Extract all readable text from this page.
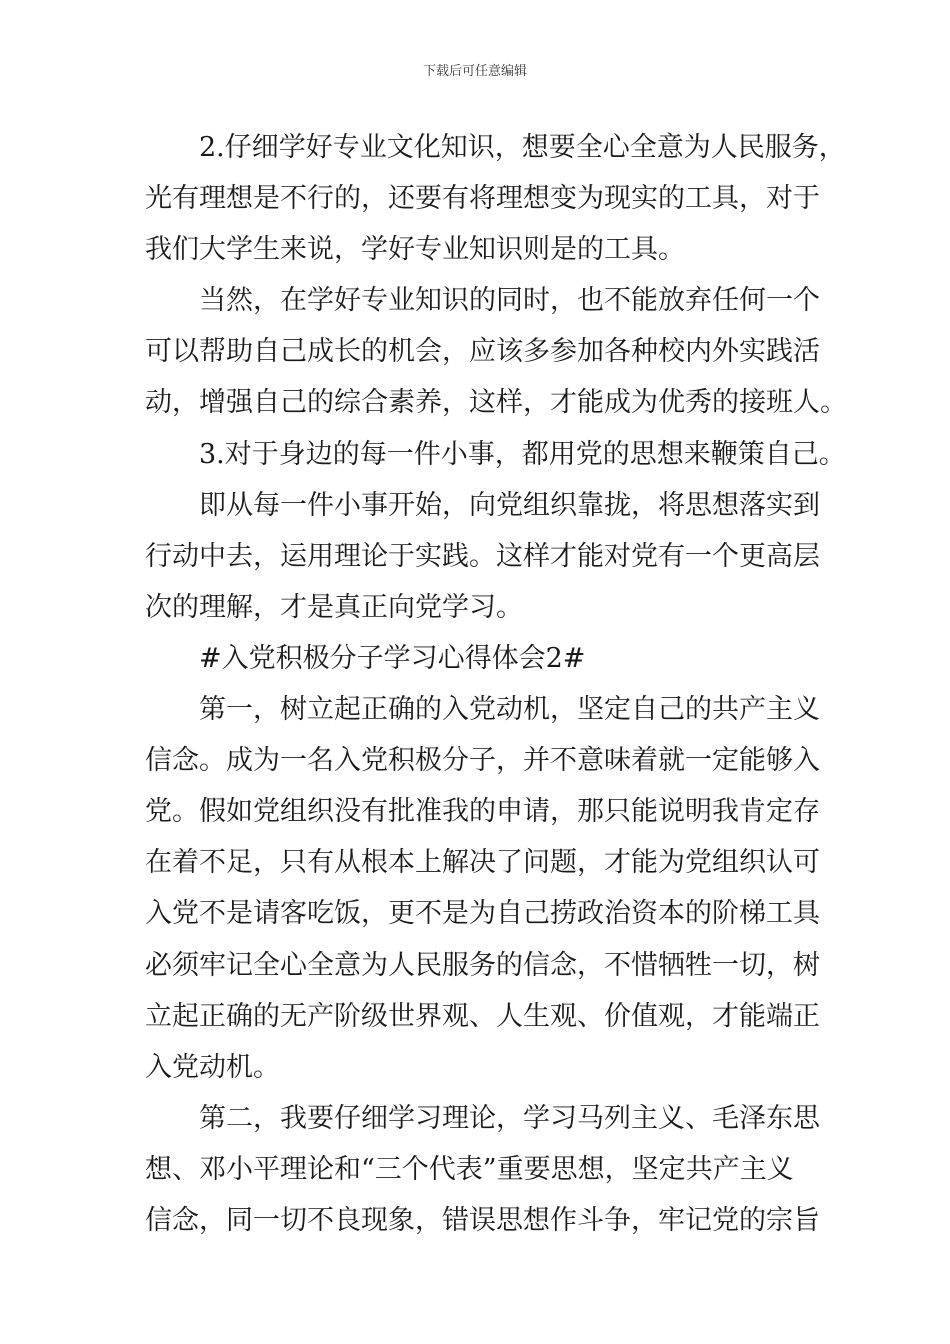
下载后可任意编辑
2.仔细学好专业文化知识，想要全心全意为人民服务，
光有理想是不行的，还要有将理想变为现实的工具，对于
我们大学生来说，学好专业知识则是的工具。
当然，在学好专业知识的同时，也不能放弃任何一个
可以帮助自己成长的机会，应该多参加各种校内外实践活
动，增强自己的综合素养，这样，才能成为优秀的接班人。
3.对于身边的每一件小事，都用党的思想来鞭策自己。
即从每一件小事开始，向党组织靠拢，将思想落实到
行动中去，运用理论于实践。这样才能对党有一个更高层
次的理解，才是真正向党学习。
#入党积极分子学习心得体会2#
第一，树立起正确的入党动机，坚定自己的共产主义
信念。成为一名入党积极分子，并不意味着就一定能够入
党。假如党组织没有批准我的申请，那只能说明我肯定存
在着不足，只有从根本上解决了问题，才能为党组织认可
入党不是请客吃饭，更不是为自己捞政治资本的阶梯工具
必须牢记全心全意为人民服务的信念，不惜牺牲一切，树
立起正确的无产阶级世界观、人生观、价值观，才能端正
入党动机。
第二，我要仔细学习理论，学习马列主义、毛泽东思
想、邓小平理论和“三个代表”重要思想，坚定共产主义
信念，同一切不良现象，错误思想作斗争，牢记党的宗旨
